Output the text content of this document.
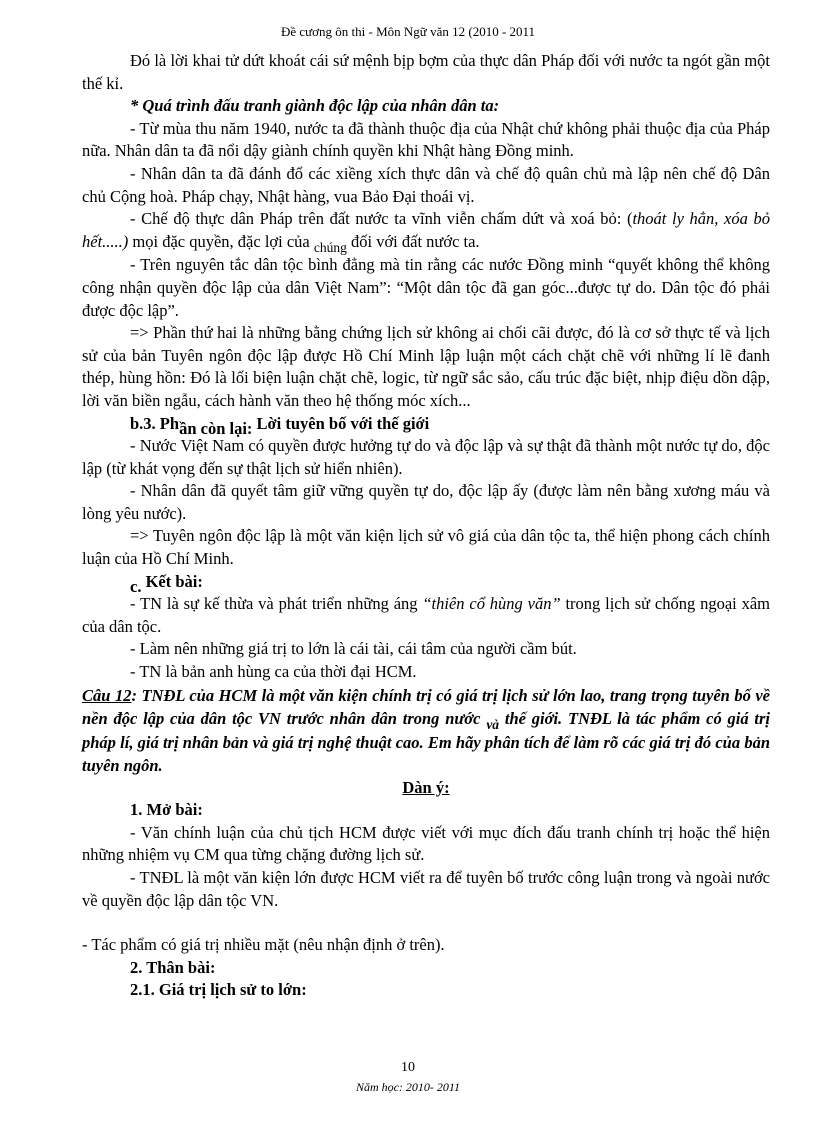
Đề cương ôn thi - Môn Ngữ văn 12 (2010 - 2011

Đó là lời khai tử dứt khoát cái sứ mệnh bịp bợm của thực dân Pháp đối với nước ta ngót gần một thế kỉ.

* Quá trình đấu tranh giành độc lập của nhân dân ta:

- Từ mùa thu năm 1940, nước ta đã thành thuộc địa của Nhật chứ không phải thuộc địa của Pháp nữa. Nhân dân ta đã nổi dậy giành chính quyền khi Nhật hàng Đồng minh.

- Nhân dân ta đã đánh đổ các xiềng xích thực dân và chế độ quân chủ mà lập nên chế độ Dân chủ Cộng hoà. Pháp chạy, Nhật hàng, vua Bảo Đại thoái vị.

- Chế độ thực dân Pháp trên đất nước ta vĩnh viễn chấm dứt và xoá bỏ: (thoát ly hẳn, xóa bỏ hết.....) mọi đặc quyền, đặc lợi của $_{chúng}$ đối với đất nước ta.

- Trên nguyên tắc dân tộc bình đẳng mà tin rằng các nước Đồng minh “quyết không thể không công nhận quyền độc lập của dân Việt Nam”: “Một dân tộc đã gan góc...được tự do. Dân tộc đó phải được độc lập”.

=> Phần thứ hai là những bằng chứng lịch sử không ai chối cãi được, đó là cơ sở thực tế và lịch sử của bản Tuyên ngôn độc lập được Hồ Chí Minh lập luận một cách chặt chẽ với những lí lẽ đanh thép, hùng hồn: Đó là lối biện luận chặt chẽ, logic, từ ngữ sắc sảo, cấu trúc đặc biệt, nhịp điệu dồn dập, lời văn biền ngẫu, cách hành văn theo hệ thống móc xích...

b.3. Phần còn lại: Lời tuyên bố với thế giới

- Nước Việt Nam có quyền được hưởng tự do và độc lập và sự thật đã thành một nước tự do, độc lập (từ khát vọng đến sự thật lịch sử hiển nhiên).

- Nhân dân đã quyết tâm giữ vững quyền tự do, độc lập ấy (được làm nên bằng xương máu và lòng yêu nước).

=> Tuyên ngôn độc lập là một văn kiện lịch sử vô giá của dân tộc ta, thể hiện phong cách chính luận của Hồ Chí Minh.

c. Kết bài:

- TN là sự kế thừa và phát triển những áng “thiên cổ hùng văn” trong lịch sử chống ngoại xâm của dân tộc.

- Làm nên những giá trị to lớn là cái tài, cái tâm của người cầm bút.

- TN là bản anh hùng ca của thời đại HCM.

Câu 12: TNĐL của HCM là một văn kiện chính trị có giá trị lịch sử lớn lao, trang trọng tuyên bố về nền độc lập của dân tộc VN trước nhân dân trong nước $_{và}$ thế giới. TNĐL là tác phẩm có giá trị pháp lí, giá trị nhân bản và giá trị nghệ thuật cao. Em hãy phân tích để làm rõ các giá trị đó của bản tuyên ngôn.

Dàn ý:

1. Mở bài:

- Văn chính luận của chủ tịch HCM được viết với mục đích đấu tranh chính trị hoặc thể hiện những nhiệm vụ CM qua từng chặng đường lịch sử.

- TNĐL là một văn kiện lớn được HCM viết ra để tuyên bố trước công luận trong và ngoài nước về quyền độc lập dân tộc VN.

- Tác phẩm có giá trị nhiều mặt (nêu nhận định ở trên).

2. Thân bài:

2.1. Giá trị lịch sử to lớn:

10
Năm học: 2010- 2011
